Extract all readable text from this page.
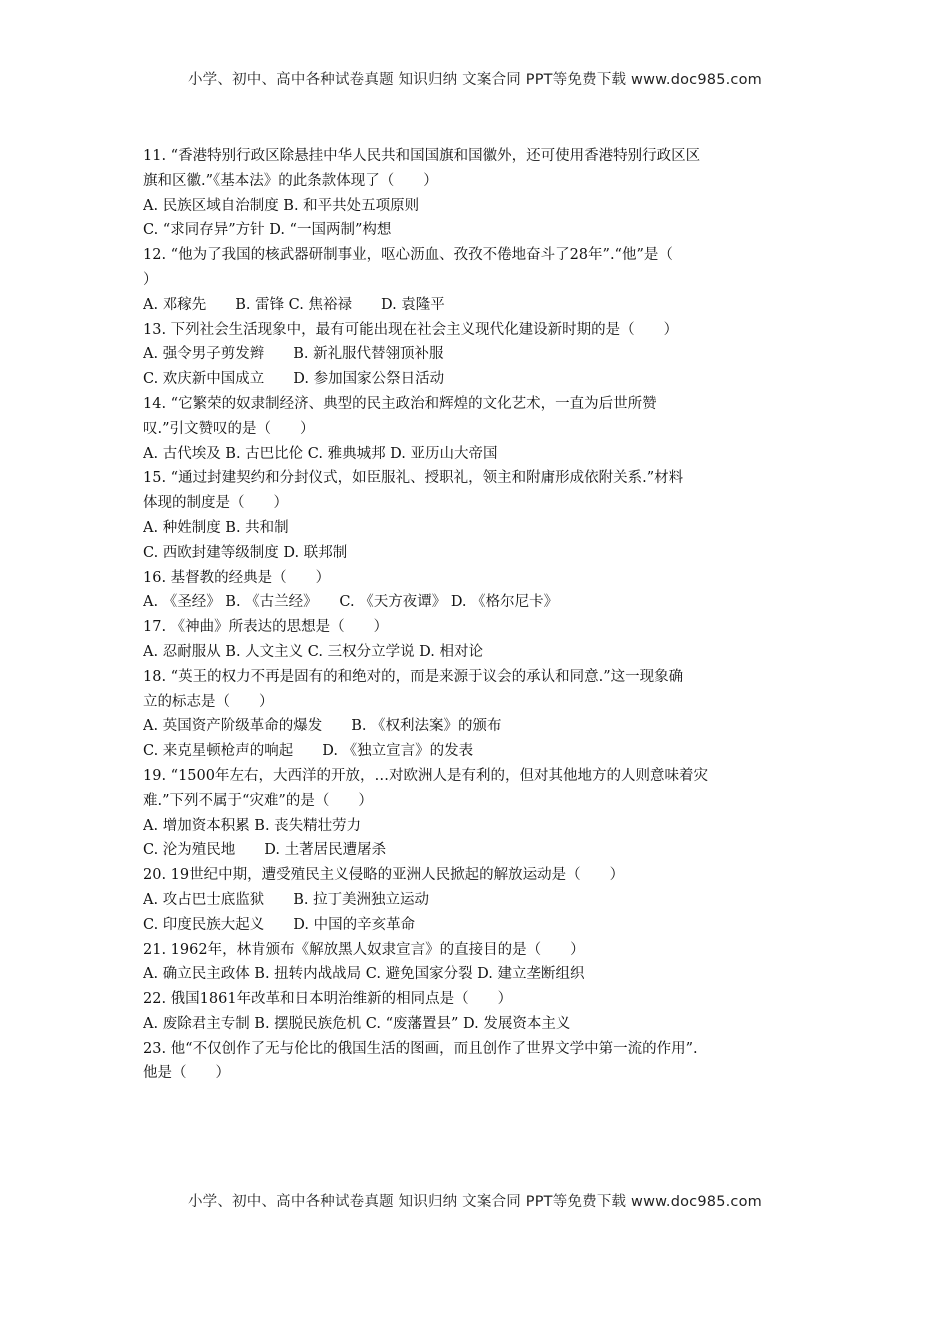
小学、初中、高中各种试卷真题 知识归纳 文案合同 PPT等免费下载 www.doc985.com
11. “香港特别行政区除悬挂中华人民共和国国旗和国徽外，还可使用香港特别行政区区
旗和区徽.”《基本法》的此条款体现了（　　）
A. 民族区域自治制度 B. 和平共处五项原则
C. “求同存异”方针 D. “一国两制”构想
12. “他为了我国的核武器研制事业，呕心沥血、孜孜不倦地奋斗了28年”.“他”是（
）
A. 邓稼先　　B. 雷锋 C. 焦裕禄　　D. 袁隆平
13. 下列社会生活现象中，最有可能出现在社会主义现代化建设新时期的是（　　）
A. 强令男子剪发辫　　B. 新礼服代替翎顶补服
C. 欢庆新中国成立　　D. 参加国家公祭日活动
14. “它繁荣的奴隶制经济、典型的民主政治和辉煌的文化艺术，一直为后世所赞
叹.”引文赞叹的是（　　）
A. 古代埃及 B. 古巴比伦 C. 雅典城邦 D. 亚历山大帝国
15. “通过封建契约和分封仪式，如臣服礼、授职礼，领主和附庸形成依附关系.”材料
体现的制度是（　　）
A. 种姓制度 B. 共和制
C. 西欧封建等级制度 D. 联邦制
16. 基督教的经典是（　　）
A. 《圣经》 B. 《古兰经》　　C. 《天方夜谭》 D. 《格尔尼卡》
17. 《神曲》所表达的思想是（　　）
A. 忍耐服从 B. 人文主义 C. 三权分立学说 D. 相对论
18. “英王的权力不再是固有的和绝对的，而是来源于议会的承认和同意.”这一现象确
立的标志是（　　）
A. 英国资产阶级革命的爆发　　B. 《权利法案》的颁布
C. 来克星顿枪声的响起　　D. 《独立宣言》的发表
19. “1500年左右，大西洋的开放，…对欧洲人是有利的，但对其他地方的人则意味着灾
难.”下列不属于“灾难”的是（　　）
A. 增加资本积累 B. 丧失精壮劳力
C. 沦为殖民地　　D. 土著居民遭屠杀
20. 19世纪中期，遭受殖民主义侵略的亚洲人民掀起的解放运动是（　　）
A. 攻占巴士底监狱　　B. 拉丁美洲独立运动
C. 印度民族大起义　　D. 中国的辛亥革命
21. 1962年，林肯颁布《解放黑人奴隶宣言》的直接目的是（　　）
A. 确立民主政体 B. 扭转内战战局 C. 避免国家分裂 D. 建立垄断组织
22. 俄国1861年改革和日本明治维新的相同点是（　　）
A. 废除君主专制 B. 摆脱民族危机 C. “废藩置县” D. 发展资本主义
23. 他“不仅创作了无与伦比的俄国生活的图画，而且创作了世界文学中第一流的作用”.
他是（　　）
小学、初中、高中各种试卷真题 知识归纳 文案合同 PPT等免费下载 www.doc985.com
